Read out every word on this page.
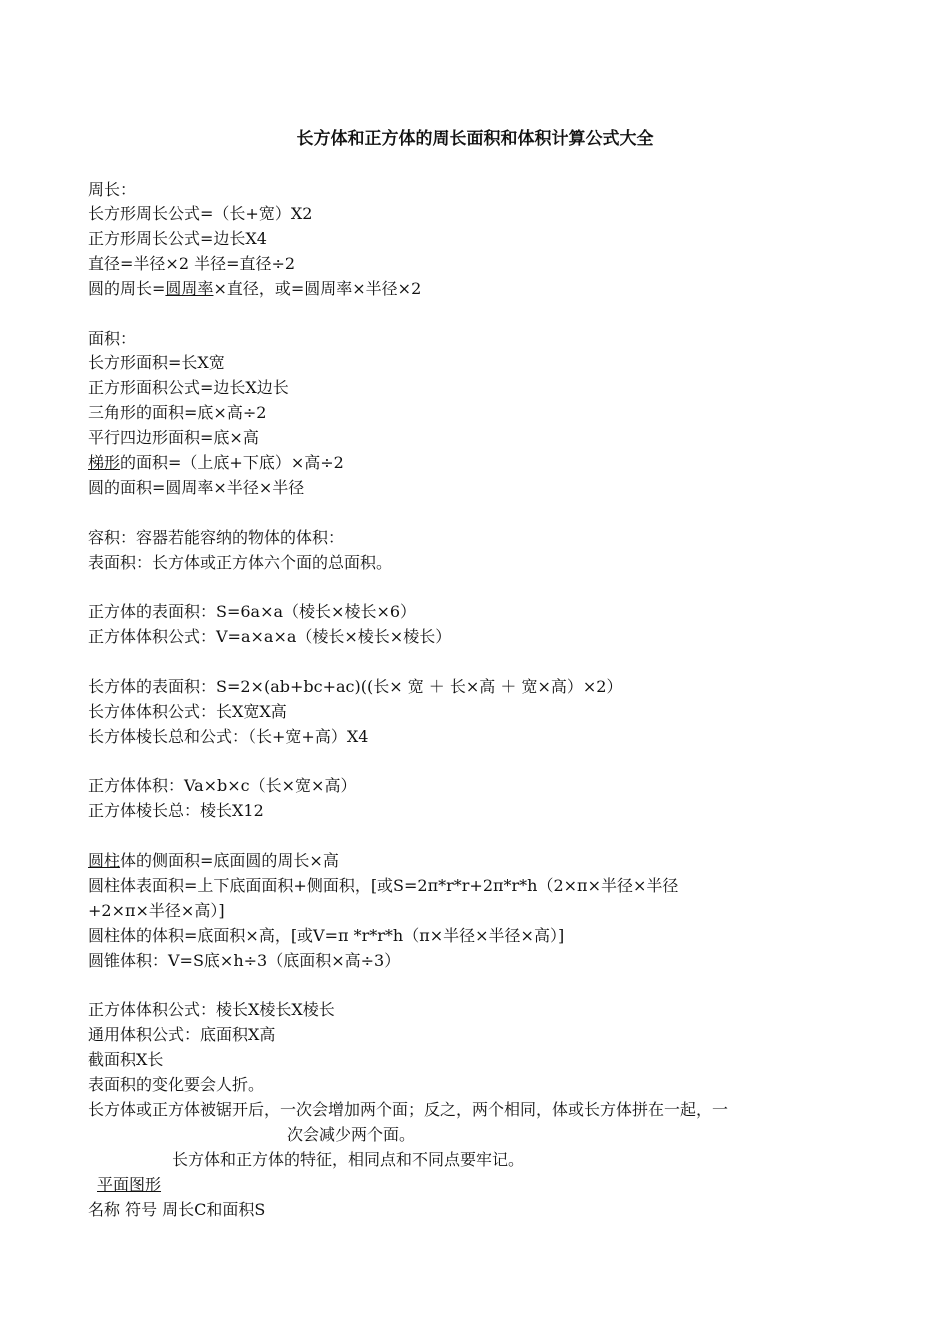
长方体和正方体的周长面积和体积计算公式大全
周长：
长方形周长公式=（长+宽）X2
正方形周长公式=边长X4
直径=半径×2 半径=直径÷2
圆的周长=圆周率×直径，或=圆周率×半径×2
面积：
长方形面积=长X宽
正方形面积公式=边长X边长
三角形的面积=底×高÷2
平行四边形面积=底×高
梯形的面积=（上底+下底）×高÷2
圆的面积=圆周率×半径×半径
容积：容器若能容纳的物体的体积：
表面积：长方体或正方体六个面的总面积。
正方体的表面积：S=6a×a（棱长×棱长×6）
正方体体积公式：V=a×a×a（棱长×棱长×棱长）
长方体的表面积：S=2×(ab+bc+ac)((长× 宽 ＋ 长×高 ＋ 宽×高）×2）
长方体体积公式：长X宽X高
长方体棱长总和公式：（长+宽+高）X4
正方体体积：Va×b×c（长×宽×高）
正方体棱长总：棱长X12
圆柱体的侧面积=底面圆的周长×高
圆柱体表面积=上下底面面积+侧面积，[或S=2π*r*r+2π*r*h（2×π×半径×半径
+2×π×半径×高）]
圆柱体的体积=底面积×高，[或V=π *r*r*h（π×半径×半径×高）]
圆锥体积：V=S底×h÷3（底面积×高÷3）
正方体体积公式：棱长X棱长X棱长
通用体积公式：底面积X高
截面积X长
表面积的变化要会人折。
长方体或正方体被锯开后，一次会增加两个面；反之，两个相同，体或长方体拼在一起，一
次会减少两个面。
长方体和正方体的特征，相同点和不同点要牢记。
平面图形
名称 符号 周长C和面积S
